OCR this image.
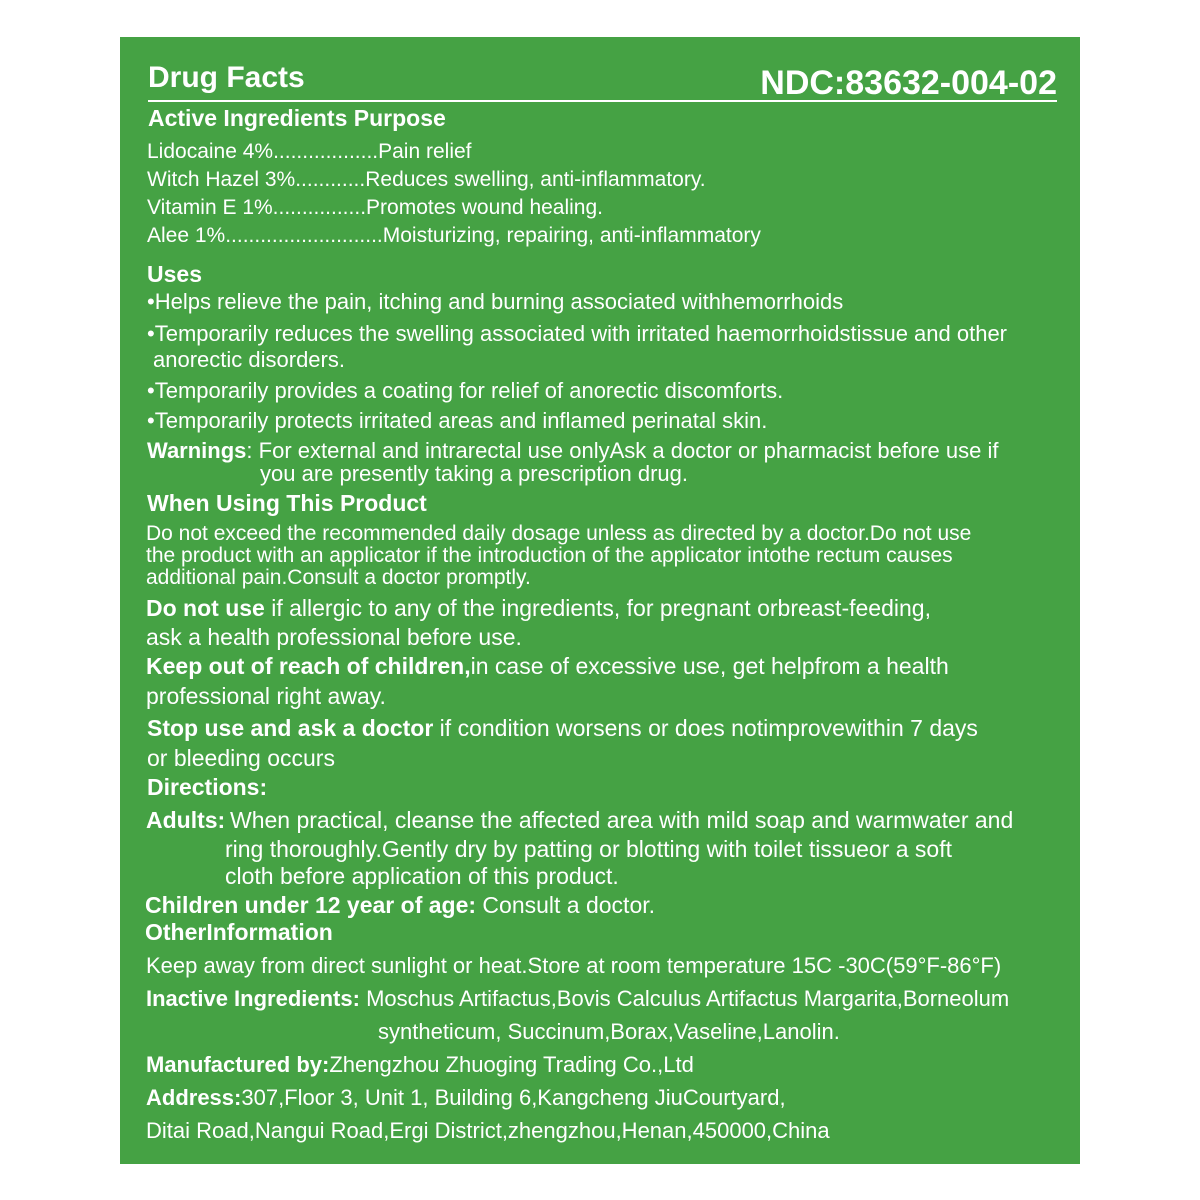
Drug Facts	NDC:83632-004-02
Active Ingredients Purpose
Lidocaine 4%..................Pain relief
Witch Hazel 3%............Reduces swelling, anti-inflammatory.
Vitamin E 1%................Promotes wound healing.
Alee 1%...........................Moisturizing, repairing, anti-inflammatory
Uses
•Helps relieve the pain, itching and burning associated withhemorrhoids
•Temporarily reduces the swelling associated with irritated haemorrhoidstissue and other
anorectic disorders.
•Temporarily provides a coating for relief of anorectic discomforts.
•Temporarily protects irritated areas and inflamed perinatal skin.
Warnings: For external and intrarectal use onlyAsk a doctor or pharmacist before use if
you are presently taking a prescription drug.
When Using This Product
Do not exceed the recommended daily dosage unless as directed by a doctor.Do not use
the product with an applicator if the introduction of the applicator intothe rectum causes
additional pain.Consult a doctor promptly.
Do not use if allergic to any of the ingredients, for pregnant orbreast-feeding,
ask a health professional before use.
Keep out of reach of children,in case of excessive use, get helpfrom a health
professional right away.
Stop use and ask a doctor if condition worsens or does notimprovewithin 7 days
or bleeding occurs
Directions:
Adults: When practical, cleanse the affected area with mild soap and warmwater and
ring thoroughly.Gently dry by patting or blotting with toilet tissueor a soft
cloth before application of this product.
Children under 12 year of age: Consult a doctor.
OtherInformation
Keep away from direct sunlight or heat.Store at room temperature 15C -30C(59°F-86°F)
Inactive Ingredients: Moschus Artifactus,Bovis Calculus Artifactus Margarita,Borneolum
syntheticum, Succinum,Borax,Vaseline,Lanolin.
Manufactured by:Zhengzhou Zhuoging Trading Co.,Ltd
Address:307,Floor 3, Unit 1, Building 6,Kangcheng JiuCourtyard,
Ditai Road,Nangui Road,Ergi District,zhengzhou,Henan,450000,China
